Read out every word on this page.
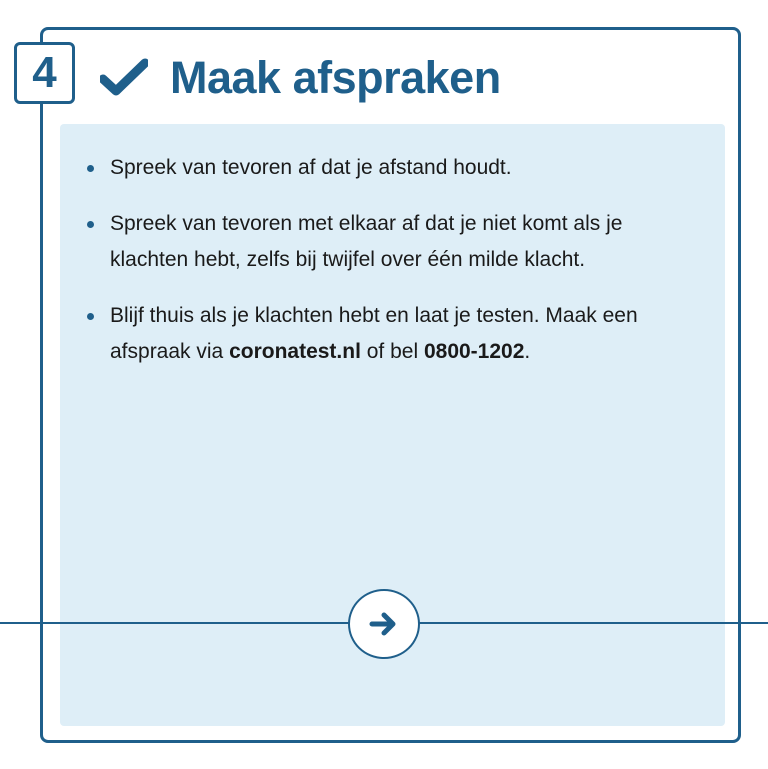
4	Maak afspraken
Spreek van tevoren af dat je afstand houdt.
Spreek van tevoren met elkaar af dat je niet komt als je klachten hebt, zelfs bij twijfel over één milde klacht.
Blijf thuis als je klachten hebt en laat je testen. Maak een afspraak via coronatest.nl of bel 0800-1202.
